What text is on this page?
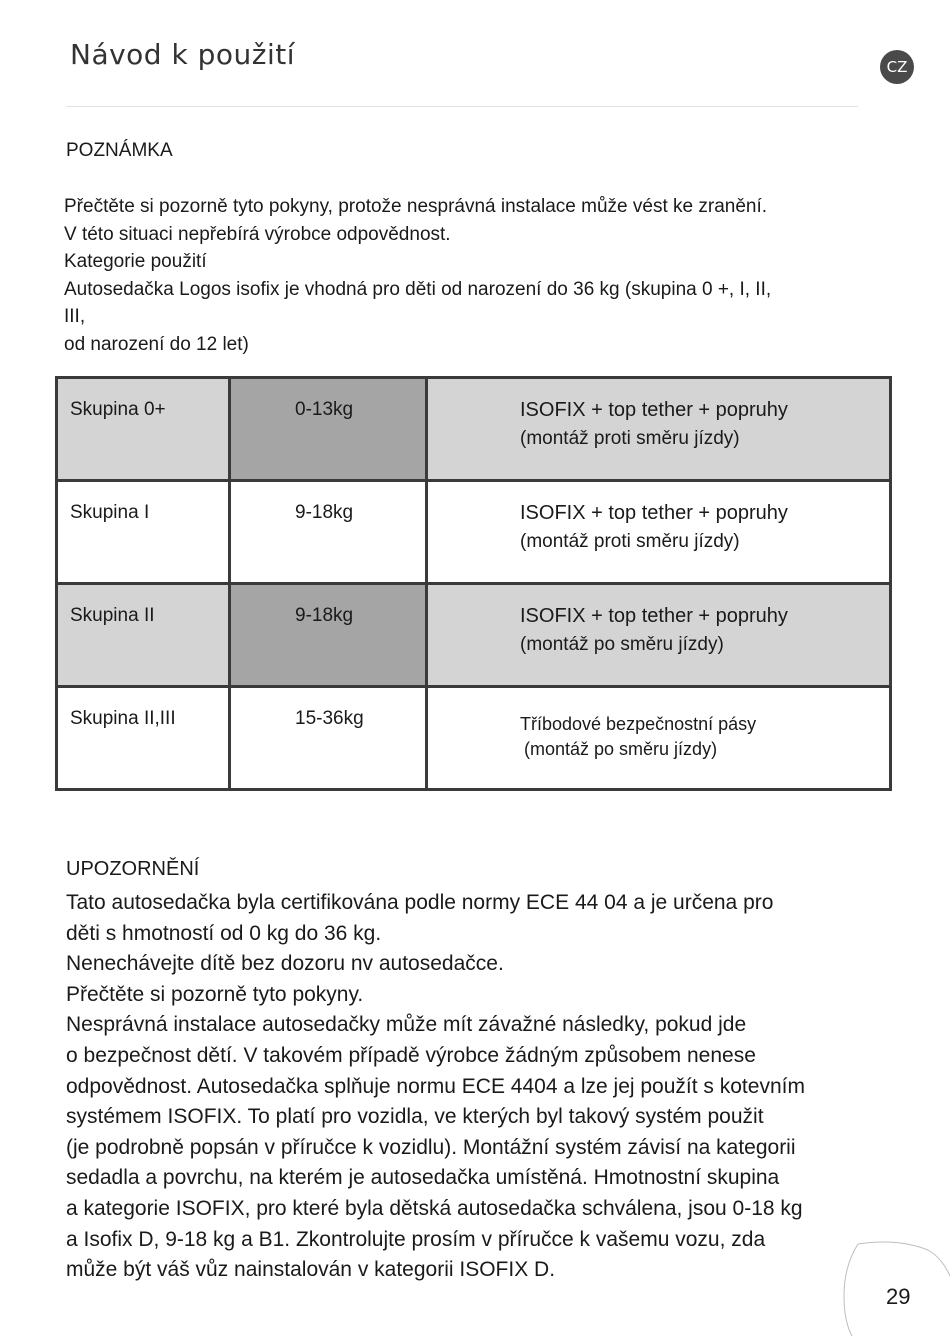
Návod k použití	CZ
POZNÁMKA

Přečtěte si pozorně tyto pokyny, protože nesprávná instalace může vést ke zranění.

V této situaci nepřebírá výrobce odpovědnost.

Kategorie použití

Autosedačka Logos isofix je vhodná pro děti od narození do 36 kg (skupina 0 +, I, II,

III,

od narození do 12 let)

Skupina 0+	0-13kg	ISOFIX + top tether + popruhy
(montáž proti směru jízdy)

Skupina I	9-18kg	ISOFIX + top tether + popruhy
(montáž proti směru jízdy)

Skupina II	9-18kg	ISOFIX + top tether + popruhy
(montáž po směru jízdy)

Skupina II,III	15-36kg	Tříbodové bezpečnostní pásy
(montáž po směru jízdy)
UPOZORNĚNÍ

Tato autosedačka byla certifikována podle normy ECE 44 04 a je určena pro

děti s hmotností od 0 kg do 36 kg.

Nenechávejte dítě bez dozoru nv autosedačce.

Přečtěte si pozorně tyto pokyny.

Nesprávná instalace autosedačky může mít závažné následky, pokud jde

o bezpečnost dětí. V takovém případě výrobce žádným způsobem nenese

odpovědnost. Autosedačka splňuje normu ECE 4404 a lze jej použít s kotevním

systémem ISOFIX. To platí pro vozidla, ve kterých byl takový systém použit

(je podrobně popsán v příručce k vozidlu). Montážní systém závisí na kategorii

sedadla a povrchu, na kterém je autosedačka umístěná. Hmotnostní skupina

a kategorie ISOFIX, pro které byla dětská autosedačka schválena, jsou 0-18 kg

a Isofix D, 9-18 kg a B1. Zkontrolujte prosím v příručce k vašemu vozu, zda

může být váš vůz nainstalován v kategorii ISOFIX D.

29
